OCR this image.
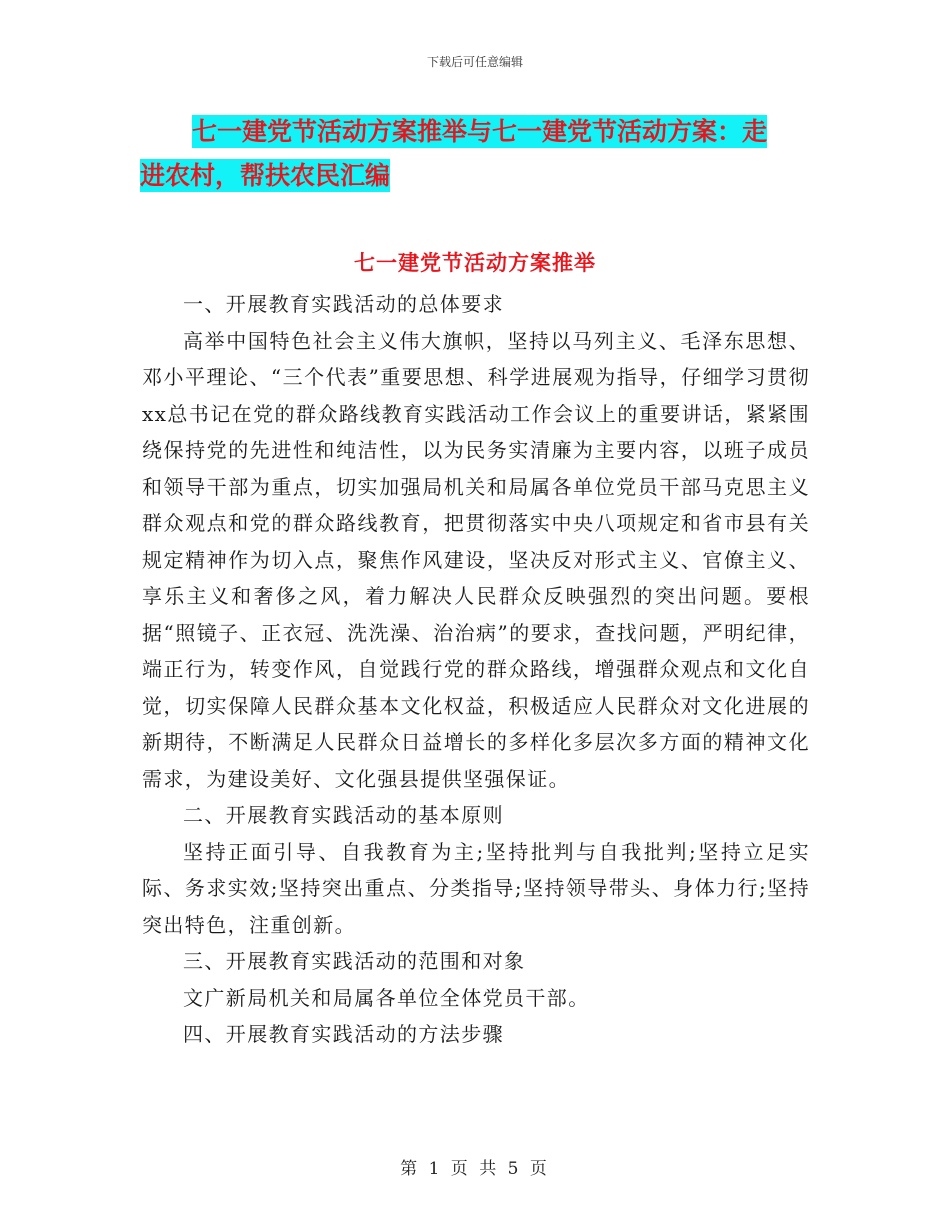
下载后可任意编辑
七一建党节活动方案推举与七一建党节活动方案：走
进农村，帮扶农民汇编
七一建党节活动方案推举

一、开展教育实践活动的总体要求

高举中国特色社会主义伟大旗帜，坚持以马列主义、毛泽东思想、邓小平理论、“三个代表”重要思想、科学进展观为指导，仔细学习贯彻xx总书记在党的群众路线教育实践活动工作会议上的重要讲话，紧紧围绕保持党的先进性和纯洁性，以为民务实清廉为主要内容，以班子成员和领导干部为重点，切实加强局机关和局属各单位党员干部马克思主义群众观点和党的群众路线教育，把贯彻落实中央八项规定和省市县有关规定精神作为切入点，聚焦作风建设，坚决反对形式主义、官僚主义、享乐主义和奢侈之风，着力解决人民群众反映强烈的突出问题。要根据“照镜子、正衣冠、洗洗澡、治治病”的要求，查找问题，严明纪律，端正行为，转变作风，自觉践行党的群众路线，增强群众观点和文化自觉，切实保障人民群众基本文化权益，积极适应人民群众对文化进展的新期待，不断满足人民群众日益增长的多样化多层次多方面的精神文化需求，为建设美好、文化强县提供坚强保证。

二、开展教育实践活动的基本原则

坚持正面引导、自我教育为主;坚持批判与自我批判;坚持立足实际、务求实效;坚持突出重点、分类指导;坚持领导带头、身体力行;坚持突出特色，注重创新。

三、开展教育实践活动的范围和对象

文广新局机关和局属各单位全体党员干部。

四、开展教育实践活动的方法步骤

第 1 页 共 5 页
